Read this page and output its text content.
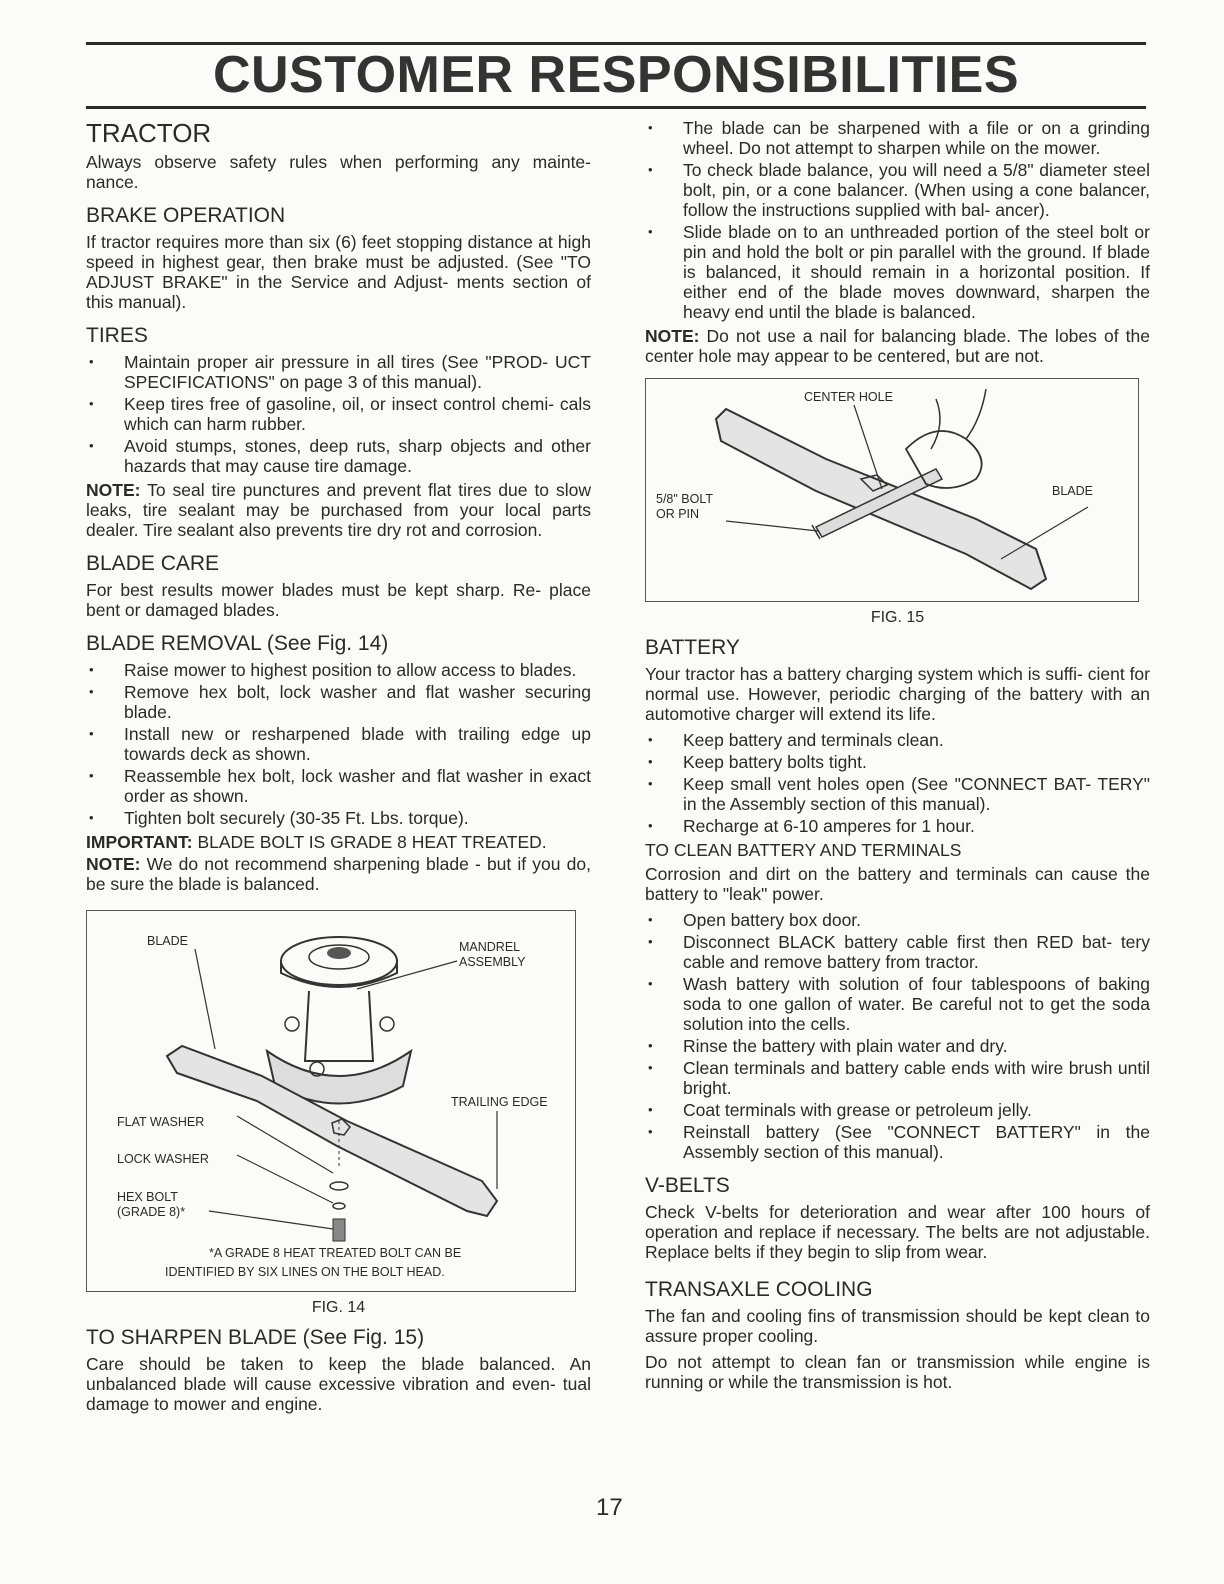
CUSTOMER RESPONSIBILITIES
TRACTOR

Always observe safety rules when performing any mainte- nance.

BRAKE OPERATION

If tractor requires more than six (6) feet stopping distance at high speed in highest gear, then brake must be adjusted. (See "TO ADJUST BRAKE" in the Service and Adjust- ments section of this manual).

TIRES
• Maintain proper air pressure in all tires (See "PROD- UCT SPECIFICATIONS" on page 3 of this manual).
• Keep tires free of gasoline, oil, or insect control chemi- cals which can harm rubber.
• Avoid stumps, stones, deep ruts, sharp objects and other hazards that may cause tire damage.

NOTE: To seal tire punctures and prevent flat tires due to slow leaks, tire sealant may be purchased from your local parts dealer. Tire sealant also prevents tire dry rot and corrosion.

BLADE CARE

For best results mower blades must be kept sharp. Re- place bent or damaged blades.

BLADE REMOVAL (See Fig. 14)
• Raise mower to highest position to allow access to blades.
• Remove hex bolt, lock washer and flat washer securing blade.
• Install new or resharpened blade with trailing edge up towards deck as shown.
• Reassemble hex bolt, lock washer and flat washer in exact order as shown.
• Tighten bolt securely (30-35 Ft. Lbs. torque).

IMPORTANT: BLADE BOLT IS GRADE 8 HEAT TREATED.

NOTE: We do not recommend sharpening blade - but if you do, be sure the blade is balanced.

BLADE	MANDREL
ASSEMBLY
TRAILING EDGE
FLAT WASHER
LOCK WASHER
HEX BOLT
(GRADE 8)*
*A GRADE 8 HEAT TREATED BOLT CAN BE
IDENTIFIED BY SIX LINES ON THE BOLT HEAD.
FIG. 14
TO SHARPEN BLADE (See Fig. 15)

Care should be taken to keep the blade balanced. An unbalanced blade will cause excessive vibration and even- tual damage to mower and engine.

• The blade can be sharpened with a file or on a grinding wheel. Do not attempt to sharpen while on the mower.
• To check blade balance, you will need a 5/8" diameter steel bolt, pin, or a cone balancer. (When using a cone balancer, follow the instructions supplied with bal- ancer).
• Slide blade on to an unthreaded portion of the steel bolt or pin and hold the bolt or pin parallel with the ground. If blade is balanced, it should remain in a horizontal position. If either end of the blade moves downward, sharpen the heavy end until the blade is balanced.

NOTE: Do not use a nail for balancing blade. The lobes of the center hole may appear to be centered, but are not.

CENTER HOLE
5/8" BOLT
OR PIN
BLADE
FIG. 15
BATTERY

Your tractor has a battery charging system which is suffi- cient for normal use. However, periodic charging of the battery with an automotive charger will extend its life.

• Keep battery and terminals clean.
• Keep battery bolts tight.
• Keep small vent holes open (See "CONNECT BAT- TERY" in the Assembly section of this manual).
• Recharge at 6-10 amperes for 1 hour.
TO CLEAN BATTERY AND TERMINALS

Corrosion and dirt on the battery and terminals can cause the battery to "leak" power.

• Open battery box door.
• Disconnect BLACK battery cable first then RED bat- tery cable and remove battery from tractor.
• Wash battery with solution of four tablespoons of baking soda to one gallon of water. Be careful not to get the soda solution into the cells.
• Rinse the battery with plain water and dry.
• Clean terminals and battery cable ends with wire brush until bright.
• Coat terminals with grease or petroleum jelly.
• Reinstall battery (See "CONNECT BATTERY" in the Assembly section of this manual).
V-BELTS

Check V-belts for deterioration and wear after 100 hours of operation and replace if necessary. The belts are not adjustable. Replace belts if they begin to slip from wear.

TRANSAXLE COOLING

The fan and cooling fins of transmission should be kept clean to assure proper cooling.

Do not attempt to clean fan or transmission while engine is running or while the transmission is hot.

17
